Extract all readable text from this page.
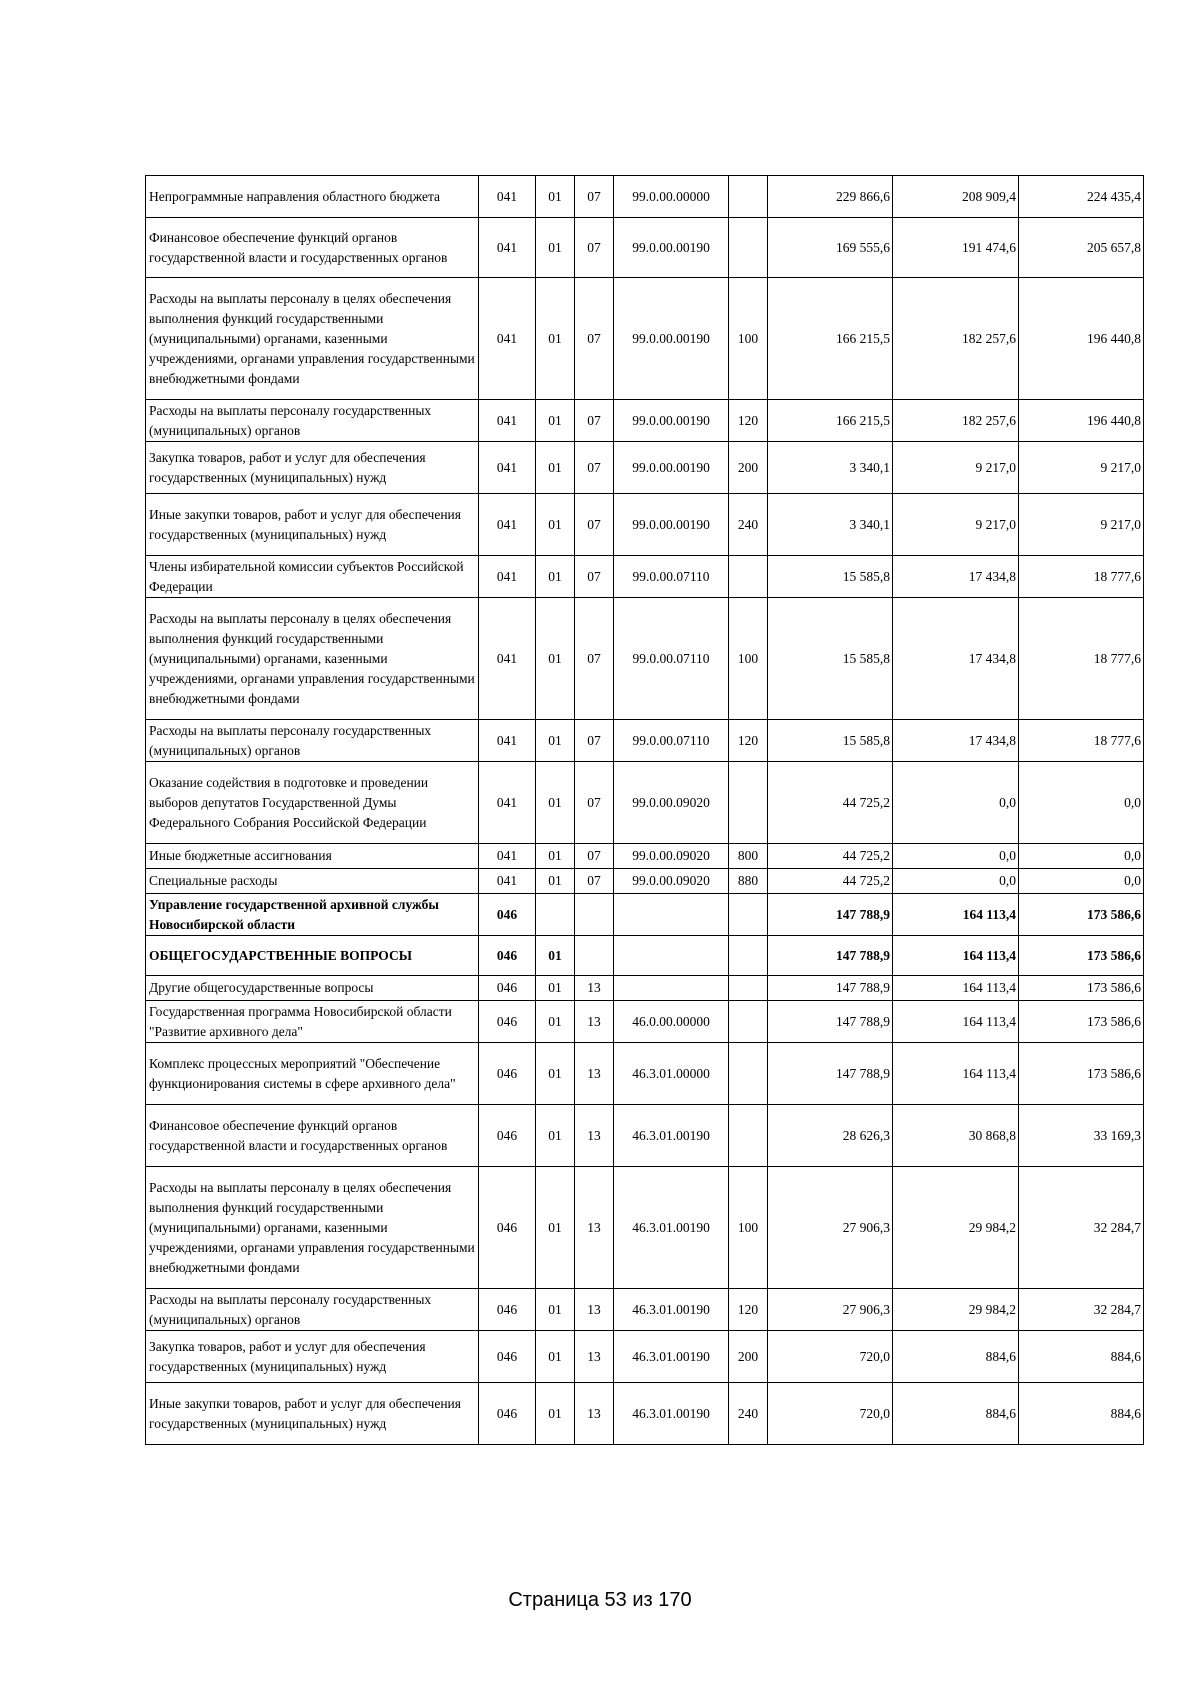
Непрограммные направления областного бюджета	041	01	07	99.0.00.00000		229 866,6	208 909,4	224 435,4
Финансовое обеспечение функций органов государственной власти и государственных органов	041	01	07	99.0.00.00190		169 555,6	191 474,6	205 657,8
Расходы на выплаты персоналу в целях обеспечения выполнения функций государственными (муниципальными) органами, казенными учреждениями, органами управления государственными внебюджетными фондами	041	01	07	99.0.00.00190	100	166 215,5	182 257,6	196 440,8
Расходы на выплаты персоналу государственных (муниципальных) органов	041	01	07	99.0.00.00190	120	166 215,5	182 257,6	196 440,8
Закупка товаров, работ и услуг для обеспечения государственных (муниципальных) нужд	041	01	07	99.0.00.00190	200	3 340,1	9 217,0	9 217,0
Иные закупки товаров, работ и услуг для обеспечения государственных (муниципальных) нужд	041	01	07	99.0.00.00190	240	3 340,1	9 217,0	9 217,0
Члены избирательной комиссии субъектов Российской Федерации	041	01	07	99.0.00.07110		15 585,8	17 434,8	18 777,6
Расходы на выплаты персоналу в целях обеспечения выполнения функций государственными (муниципальными) органами, казенными учреждениями, органами управления государственными внебюджетными фондами	041	01	07	99.0.00.07110	100	15 585,8	17 434,8	18 777,6
Расходы на выплаты персоналу государственных (муниципальных) органов	041	01	07	99.0.00.07110	120	15 585,8	17 434,8	18 777,6
Оказание содействия в подготовке и проведении выборов депутатов Государственной Думы Федерального Собрания Российской Федерации	041	01	07	99.0.00.09020		44 725,2	0,0	0,0
Иные бюджетные ассигнования	041	01	07	99.0.00.09020	800	44 725,2	0,0	0,0
Специальные расходы	041	01	07	99.0.00.09020	880	44 725,2	0,0	0,0
Управление государственной архивной службы Новосибирской области	046					147 788,9	164 113,4	173 586,6
ОБЩЕГОСУДАРСТВЕННЫЕ ВОПРОСЫ	046	01				147 788,9	164 113,4	173 586,6
Другие общегосударственные вопросы	046	01	13			147 788,9	164 113,4	173 586,6
Государственная программа Новосибирской области "Развитие архивного дела"	046	01	13	46.0.00.00000		147 788,9	164 113,4	173 586,6
Комплекс процессных мероприятий "Обеспечение функционирования системы в сфере архивного дела"	046	01	13	46.3.01.00000		147 788,9	164 113,4	173 586,6
Финансовое обеспечение функций органов государственной власти и государственных органов	046	01	13	46.3.01.00190		28 626,3	30 868,8	33 169,3
Расходы на выплаты персоналу в целях обеспечения выполнения функций государственными (муниципальными) органами, казенными учреждениями, органами управления государственными внебюджетными фондами	046	01	13	46.3.01.00190	100	27 906,3	29 984,2	32 284,7
Расходы на выплаты персоналу государственных (муниципальных) органов	046	01	13	46.3.01.00190	120	27 906,3	29 984,2	32 284,7
Закупка товаров, работ и услуг для обеспечения государственных (муниципальных) нужд	046	01	13	46.3.01.00190	200	720,0	884,6	884,6
Иные закупки товаров, работ и услуг для обеспечения государственных (муниципальных) нужд	046	01	13	46.3.01.00190	240	720,0	884,6	884,6
Страница 53 из 170
